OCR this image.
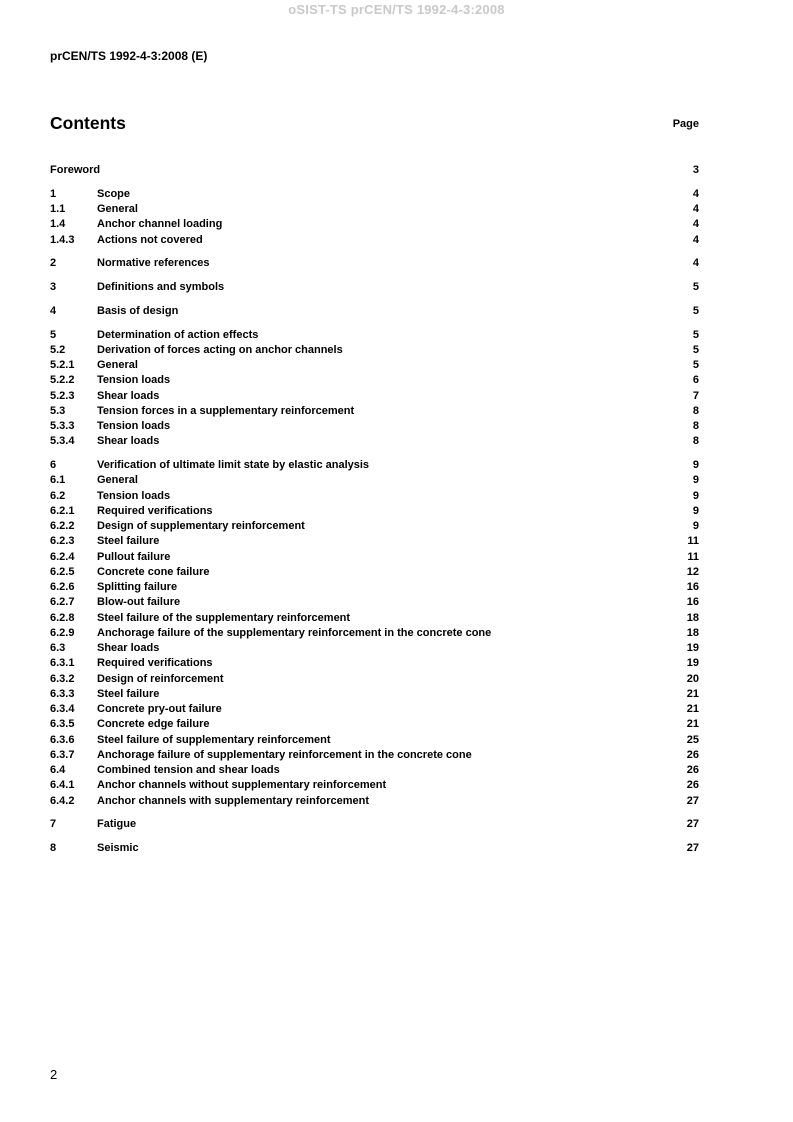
oSIST-TS prCEN/TS 1992-4-3:2008
prCEN/TS 1992-4-3:2008 (E)
Contents	Page
Foreword	3
1	Scope	4
1.1	General	4
1.4	Anchor channel loading	4
1.4.3	Actions not covered	4
2	Normative references	4
3	Definitions and symbols	5
4	Basis of design	5
5	Determination of action effects	5
5.2	Derivation of forces acting on anchor channels	5
5.2.1	General	5
5.2.2	Tension loads	6
5.2.3	Shear loads	7
5.3	Tension forces in a supplementary reinforcement	8
5.3.3	Tension loads	8
5.3.4	Shear loads	8
6	Verification of ultimate limit state by elastic analysis	9
6.1	General	9
6.2	Tension loads	9
6.2.1	Required verifications	9
6.2.2	Design of supplementary reinforcement	9
6.2.3	Steel failure	11
6.2.4	Pullout failure	11
6.2.5	Concrete cone failure	12
6.2.6	Splitting failure	16
6.2.7	Blow-out failure	16
6.2.8	Steel failure of the supplementary reinforcement	18
6.2.9	Anchorage failure of the supplementary reinforcement in the concrete cone	18
6.3	Shear loads	19
6.3.1	Required verifications	19
6.3.2	Design of reinforcement	20
6.3.3	Steel failure	21
6.3.4	Concrete pry-out failure	21
6.3.5	Concrete edge failure	21
6.3.6	Steel failure of supplementary reinforcement	25
6.3.7	Anchorage failure of supplementary reinforcement in the concrete cone	26
6.4	Combined tension and shear loads	26
6.4.1	Anchor channels without supplementary reinforcement	26
6.4.2	Anchor channels with supplementary reinforcement	27
7	Fatigue	27
8	Seismic	27
2
